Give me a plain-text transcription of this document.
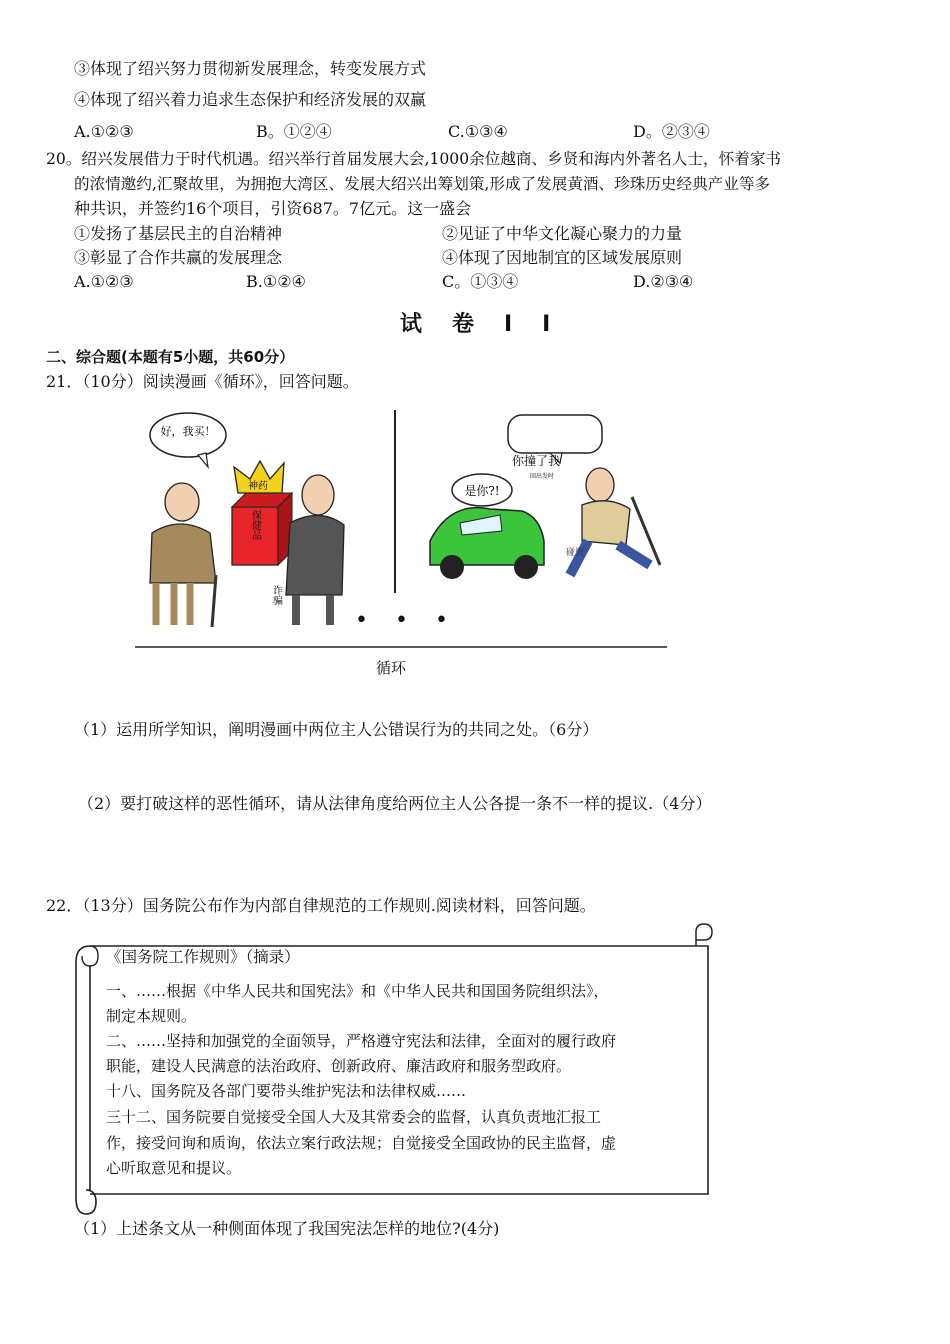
③体现了绍兴努力贯彻新发展理念，转变发展方式
④体现了绍兴着力追求生态保护和经济发展的双赢
A.①②③	B。①②④	C.①③④	D。②③④
20。绍兴发展借力于时代机遇。绍兴举行首届发展大会,1000余位越商、乡贤和海内外著名人士，怀着家书
的浓情邀约,汇聚故里，为拥抱大湾区、发展大绍兴出筹划策,形成了发展黄酒、珍珠历史经典产业等多
种共识，并签约16个项目，引资687。7亿元。这一盛会
①发扬了基层民主的自治精神	②见证了中华文化凝心聚力的力量
③彰显了合作共赢的发展理念	④体现了因地制宜的区域发展原则
A.①②③	B.①②④	C。①③④	D.②③④
试卷II
二、综合题(本题有5小题，共60分）
21．（10分）阅读漫画《循环》，回答问题。
• • •
好，我买！
保健品
神药
诈骗
你撞了我
回出发时
是你?!
碰瓷
循环
（1）运用所学知识，阐明漫画中两位主人公错误行为的共同之处。（6分）
（2）要打破这样的恶性循环，请从法律角度给两位主人公各提一条不一样的提议.（4分）
22．（13分）国务院公布作为内部自律规范的工作规则.阅读材料，回答问题。
《国务院工作规则》（摘录）
一、……根据《中华人民共和国宪法》和《中华人民共和国国务院组织法》，
制定本规则。
二、……坚持和加强党的全面领导，严格遵守宪法和法律，全面对的履行政府
职能，建设人民满意的法治政府、创新政府、廉洁政府和服务型政府。
十八、国务院及各部门要带头维护宪法和法律权威……
三十二、国务院要自觉接受全国人大及其常委会的监督，认真负责地汇报工
作，接受问询和质询，依法立案行政法规；自觉接受全国政协的民主监督，虚
心听取意见和提议。
（1）上述条文从一种侧面体现了我国宪法怎样的地位?(4分)
